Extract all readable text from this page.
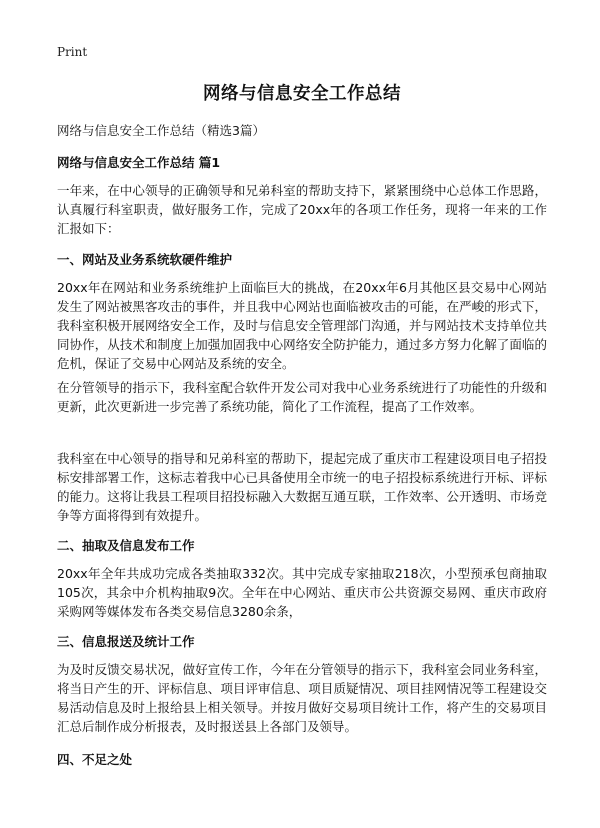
Print
网络与信息安全工作总结
网络与信息安全工作总结（精选3篇）
网络与信息安全工作总结 篇1

一年来，在中心领导的正确领导和兄弟科室的帮助支持下，紧紧围绕中心总体工作思路，认真履行科室职责，做好服务工作，完成了20xx年的各项工作任务，现将一年来的工作汇报如下：

一、网站及业务系统软硬件维护

20xx年在网站和业务系统维护上面临巨大的挑战，在20xx年6月其他区县交易中心网站发生了网站被黑客攻击的事件，并且我中心网站也面临被攻击的可能，在严峻的形式下，我科室积极开展网络安全工作，及时与信息安全管理部门沟通，并与网站技术支持单位共同协作，从技术和制度上加强加固我中心网络安全防护能力，通过多方努力化解了面临的危机，保证了交易中心网站及系统的安全。

在分管领导的指示下，我科室配合软件开发公司对我中心业务系统进行了功能性的升级和更新，此次更新进一步完善了系统功能，简化了工作流程，提高了工作效率。

我科室在中心领导的指导和兄弟科室的帮助下，提起完成了重庆市工程建设项目电子招投标安排部署工作，这标志着我中心已具备使用全市统一的电子招投标系统进行开标、评标的能力。这将让我县工程项目招投标融入大数据互通互联，工作效率、公开透明、市场竞争等方面将得到有效提升。

二、抽取及信息发布工作

20xx年全年共成功完成各类抽取332次。其中完成专家抽取218次，小型预承包商抽取105次，其余中介机构抽取9次。全年在中心网站、重庆市公共资源交易网、重庆市政府采购网等媒体发布各类交易信息3280余条，

三、信息报送及统计工作

为及时反馈交易状况，做好宣传工作，今年在分管领导的指示下，我科室会同业务科室，将当日产生的开、评标信息、项目评审信息、项目质疑情况、项目挂网情况等工程建设交易活动信息及时上报给县上相关领导。并按月做好交易项目统计工作，将产生的交易项目汇总后制作成分析报表，及时报送县上各部门及领导。

四、不足之处
